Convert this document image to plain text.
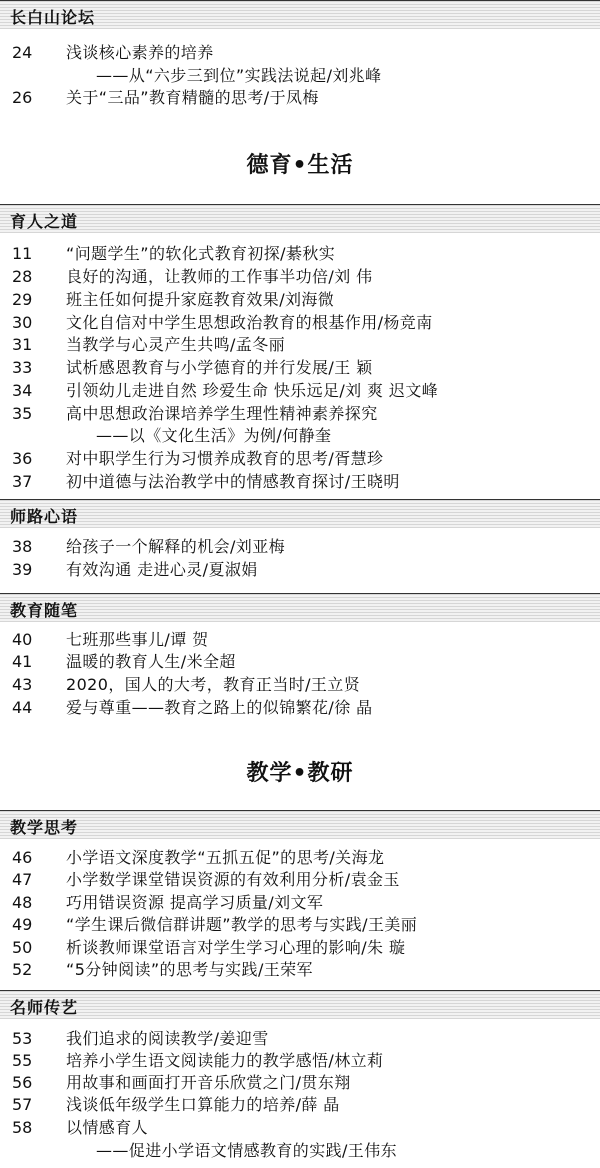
长白山论坛
24	浅谈核心素养的培养
——从“六步三到位”实践法说起/刘兆峰
26	关于“三品”教育精髓的思考/于凤梅
德育•生活
育人之道
11	“问题学生”的软化式教育初探/綦秋实
28	良好的沟通，让教师的工作事半功倍/刘 伟
29	班主任如何提升家庭教育效果/刘海微
30	文化自信对中学生思想政治教育的根基作用/杨竞南
31	当教学与心灵产生共鸣/孟冬丽
33	试析感恩教育与小学德育的并行发展/王 颖
34	引领幼儿走进自然 珍爱生命 快乐远足/刘 爽 迟文峰
35	高中思想政治课培养学生理性精神素养探究
——以《文化生活》为例/何静奎
36	对中职学生行为习惯养成教育的思考/胥慧珍
37	初中道德与法治教学中的情感教育探讨/王晓明
师路心语
38	给孩子一个解释的机会/刘亚梅
39	有效沟通 走进心灵/夏淑娟
教育随笔
40	七班那些事儿/谭 贺
41	温暖的教育人生/米全超
43	2020，国人的大考，教育正当时/王立贤
44	爱与尊重——教育之路上的似锦繁花/徐 晶
教学•教研
教学思考
46	小学语文深度教学“五抓五促”的思考/关海龙
47	小学数学课堂错误资源的有效利用分析/袁金玉
48	巧用错误资源 提高学习质量/刘文军
49	“学生课后微信群讲题”教学的思考与实践/王美丽
50	析谈教师课堂语言对学生学习心理的影响/朱 璇
52	“5分钟阅读”的思考与实践/王荣军
名师传艺
53	我们追求的阅读教学/姜迎雪
55	培养小学生语文阅读能力的教学感悟/林立莉
56	用故事和画面打开音乐欣赏之门/贯东翔
57	浅谈低年级学生口算能力的培养/薛 晶
58	以情感育人
——促进小学语文情感教育的实践/王伟东
